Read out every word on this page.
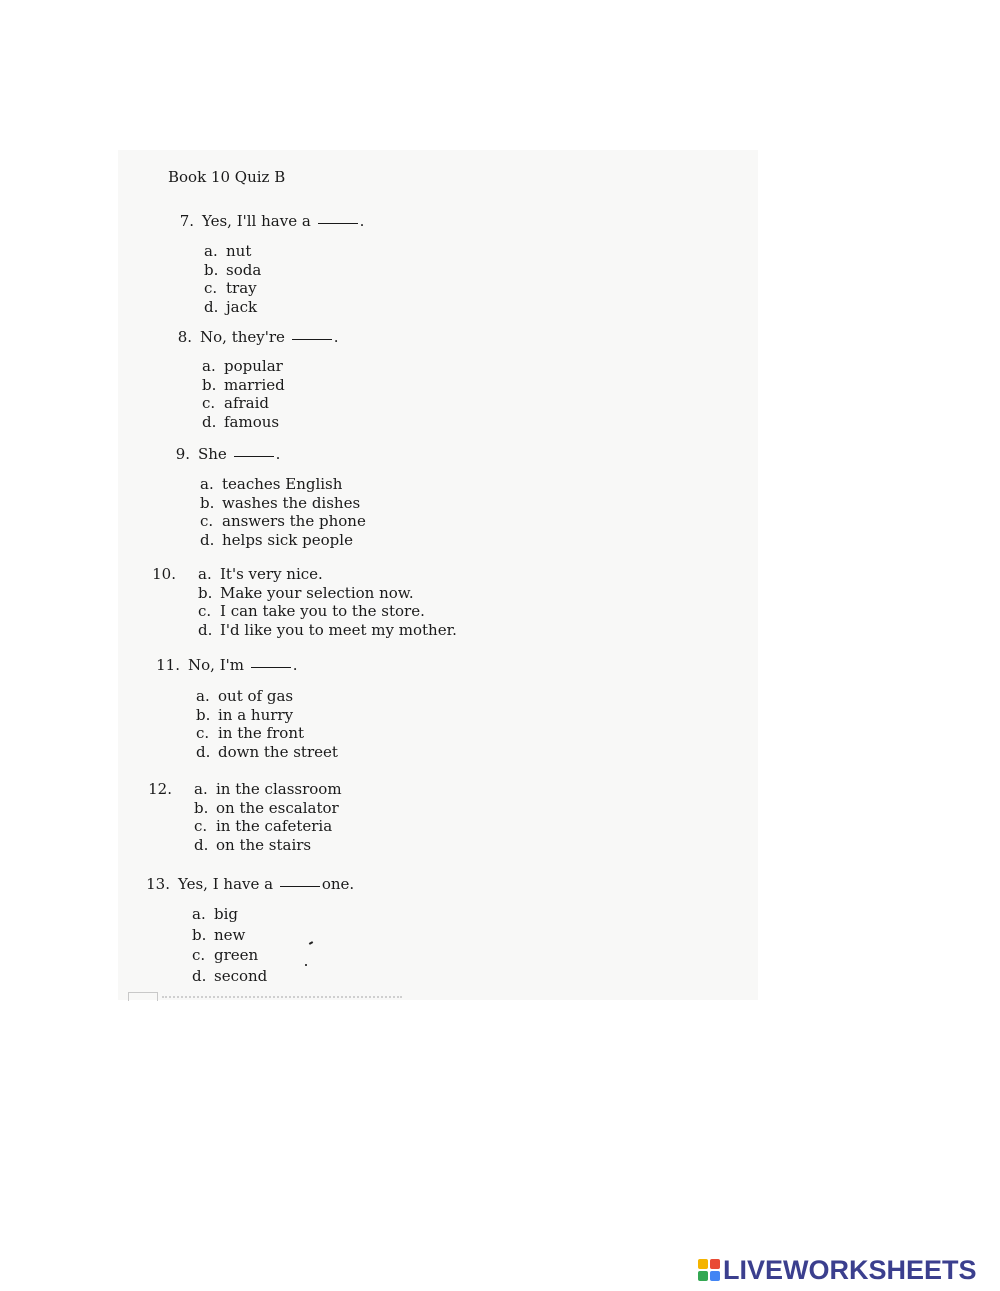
Book 10 Quiz B
7. Yes, I'll have a	.
a. nut
b. soda
c. tray
d. jack
8. No, they're	.
a. popular
b. married
c. afraid
d. famous
9. She	.
a. teaches English
b. washes the dishes
c. answers the phone
d. helps sick people
10.	a. It's very nice.
b. Make your selection now.
c. I can take you to the store.
d. I'd like you to meet my mother.
11. No, I'm	.
a. out of gas
b. in a hurry
c. in the front
d. down the street
12.	a. in the classroom
b. on the escalator
c. in the cafeteria
d. on the stairs
13. Yes, I have a	one.
a. big
b. new
c. green
d. second
LIVEWORKSHEETS
